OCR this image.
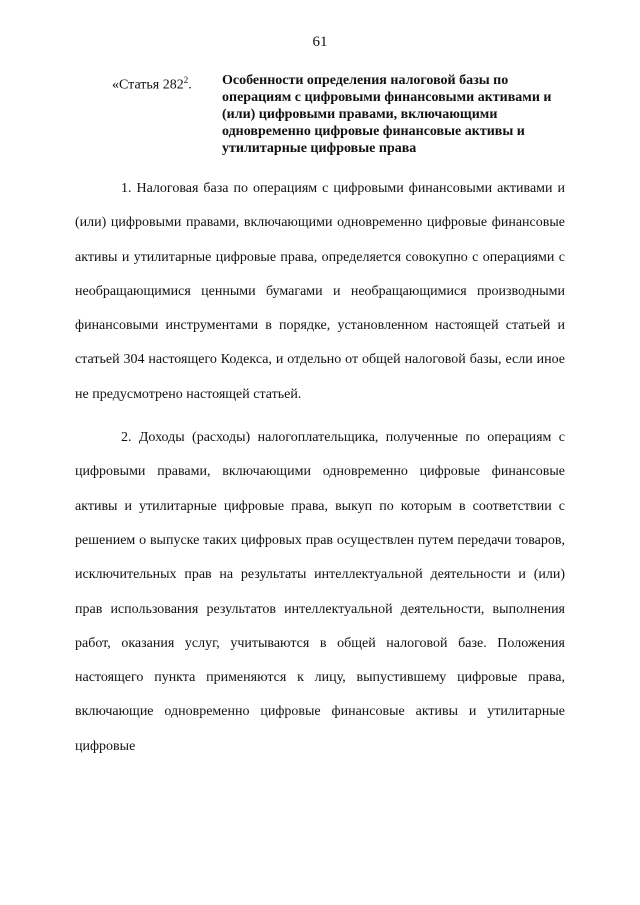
61
«Статья $282^2$.	Особенности определения налоговой базы по операциям с цифровыми финансовыми активами и (или) цифровыми правами, включающими одновременно цифровые финансовые активы и утилитарные цифровые права

1. Налоговая база по операциям с цифровыми финансовыми активами и (или) цифровыми правами, включающими одновременно цифровые финансовые активы и утилитарные цифровые права, определяется совокупно с операциями с необращающимися ценными бумагами и необращающимися производными финансовыми инструментами в порядке, установленном настоящей статьей и статьей 304 настоящего Кодекса, и отдельно от общей налоговой базы, если иное не предусмотрено настоящей статьей.

2. Доходы (расходы) налогоплательщика, полученные по операциям с цифровыми правами, включающими одновременно цифровые финансовые активы и утилитарные цифровые права, выкуп по которым в соответствии с решением о выпуске таких цифровых прав осуществлен путем передачи товаров, исключительных прав на результаты интеллектуальной деятельности и (или) прав использования результатов интеллектуальной деятельности, выполнения работ, оказания услуг, учитываются в общей налоговой базе. Положения настоящего пункта применяются к лицу, выпустившему цифровые права, включающие одновременно цифровые финансовые активы и утилитарные цифровые
